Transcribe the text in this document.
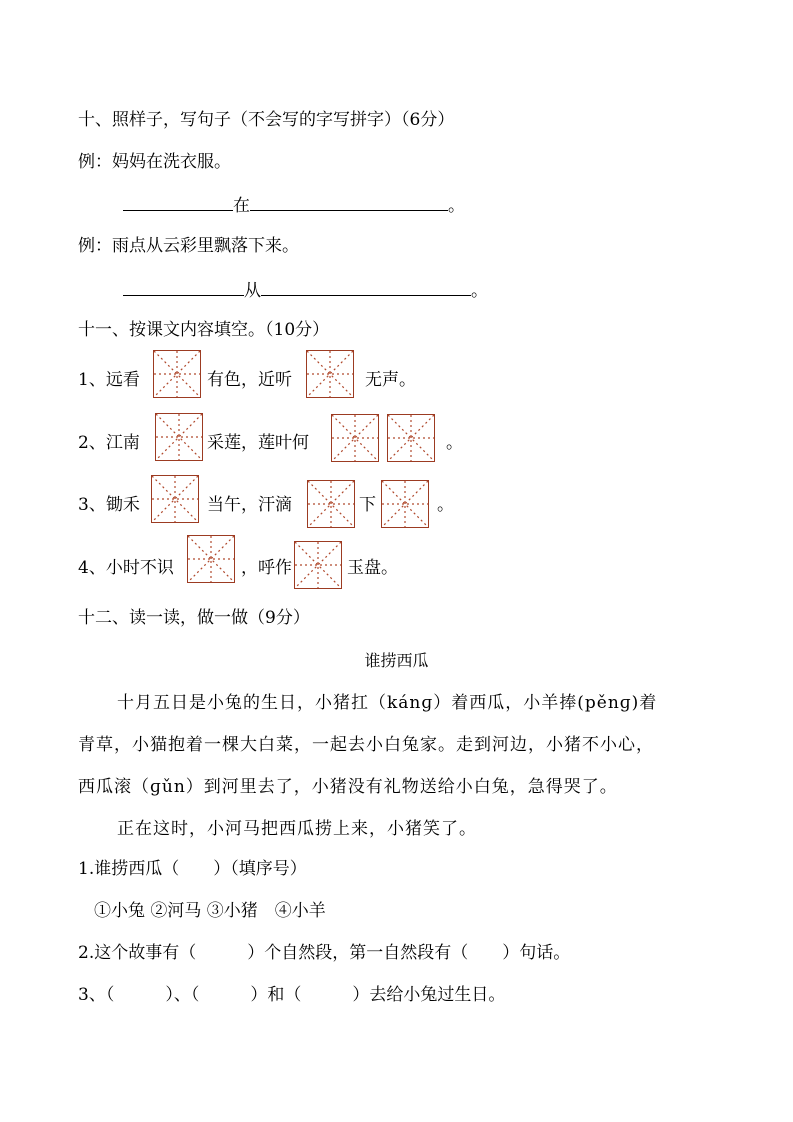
十、照样子，写句子（不会写的字写拼字）（6分）
例：妈妈在洗衣服。
在	。
例：雨点从云彩里飘落下来。
从	。
十一、按课文内容填空。（10分）
1、远看	有色，近听	无声。
2、江南	采莲，莲叶何	。
3、锄禾	当午，汗滴	下	。
4、小时不识	，呼作	玉盘。
十二、读一读，做一做（9分）
谁捞西瓜
十月五日是小兔的生日，小猪扛（kánɡ）着西瓜，小羊捧(pěnɡ)着
青草，小猫抱着一棵大白菜，一起去小白兔家。走到河边，小猪不小心，
西瓜滚（ɡǔn）到河里去了，小猪没有礼物送给小白兔，急得哭了。
正在这时，小河马把西瓜捞上来，小猪笑了。
1.谁捞西瓜（　　）（填序号）
①小兔 ②河马 ③小猪　④小羊
2.这个故事有（　　　）个自然段，第一自然段有（　　）句话。
3、（　　　）、（　　　）和（　　　）去给小兔过生日。
